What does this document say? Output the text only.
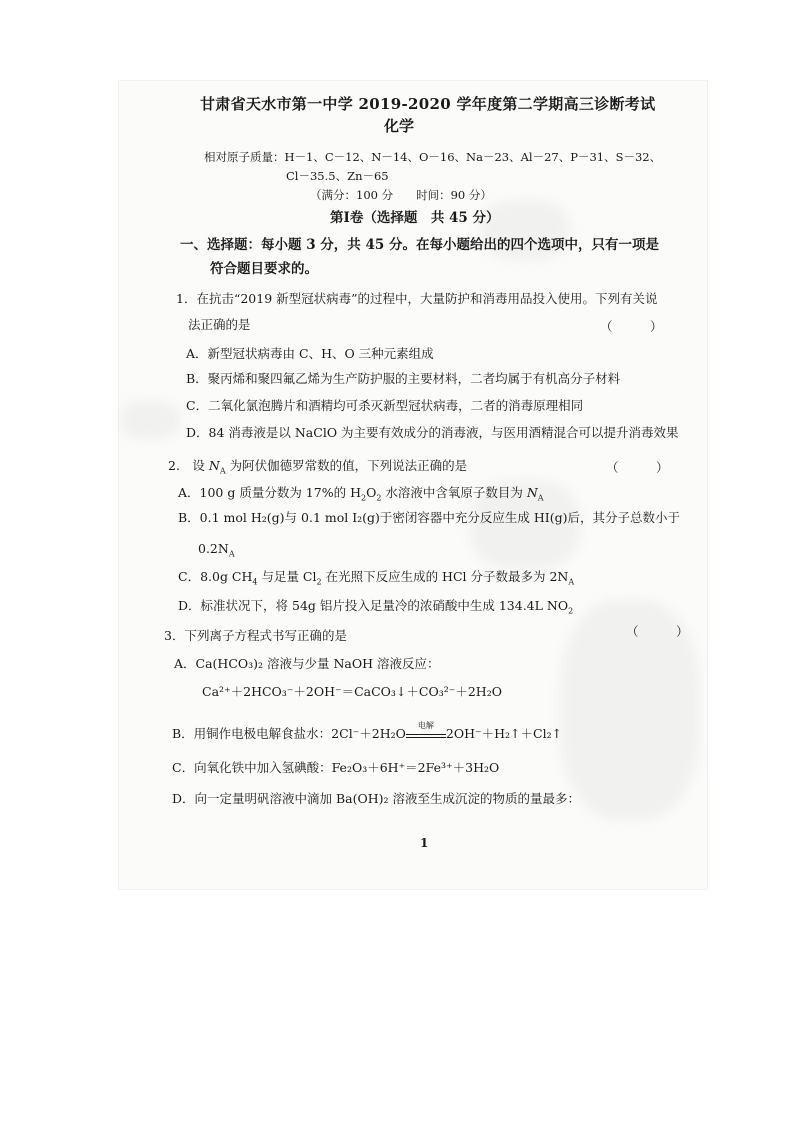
甘肃省天水市第一中学 2019-2020 学年度第二学期高三诊断考试
化学
相对原子质量：H－1、C－12、N－14、O－16、Na－23、Al－27、P－31、S－32、
Cl－35.5、Zn－65
（满分：100 分　　时间：90 分）
第Ⅰ卷（选择题　共 45 分）
一、选择题：每小题 3 分，共 45 分。在每小题给出的四个选项中，只有一项是
符合题目要求的。
1．在抗击“2019 新型冠状病毒”的过程中，大量防护和消毒用品投入使用。下列有关说
法正确的是	（　　　）
A．新型冠状病毒由 C、H、O 三种元素组成
B．聚丙烯和聚四氟乙烯为生产防护服的主要材料，二者均属于有机高分子材料
C．二氧化氯泡腾片和酒精均可杀灭新型冠状病毒，二者的消毒原理相同
D．84 消毒液是以 NaClO 为主要有效成分的消毒液，与医用酒精混合可以提升消毒效果
2.　设 $N_A$ 为阿伏伽德罗常数的值，下列说法正确的是	（　　　）
A．100 g 质量分数为 17%的 $H_2O_2$ 水溶液中含氧原子数目为 $N_A$
B．0.1 mol H₂(g)与 0.1 mol I₂(g)于密闭容器中充分反应生成 HI(g)后，其分子总数小于
$0.2N_A$
C．8.0g $CH_4$ 与足量 $Cl_2$ 在光照下反应生成的 HCl 分子数最多为 $2N_A$
D．标准状况下，将 54g 铝片投入足量冷的浓硝酸中生成 134.4L $NO_2$
3．下列离子方程式书写正确的是	（　　　）
A．Ca(HCO₃)₂ 溶液与少量 NaOH 溶液反应：
Ca²⁺＋2HCO₃⁻＋2OH⁻＝CaCO₃↓＋CO₃²⁻＋2H₂O
B．用铜作电极电解食盐水：2Cl⁻＋2H₂O
电解
2OH⁻＋H₂↑＋Cl₂↑
C．向氧化铁中加入氢碘酸：Fe₂O₃＋6H⁺＝2Fe³⁺＋3H₂O
D．向一定量明矾溶液中滴加 Ba(OH)₂ 溶液至生成沉淀的物质的量最多：
1
